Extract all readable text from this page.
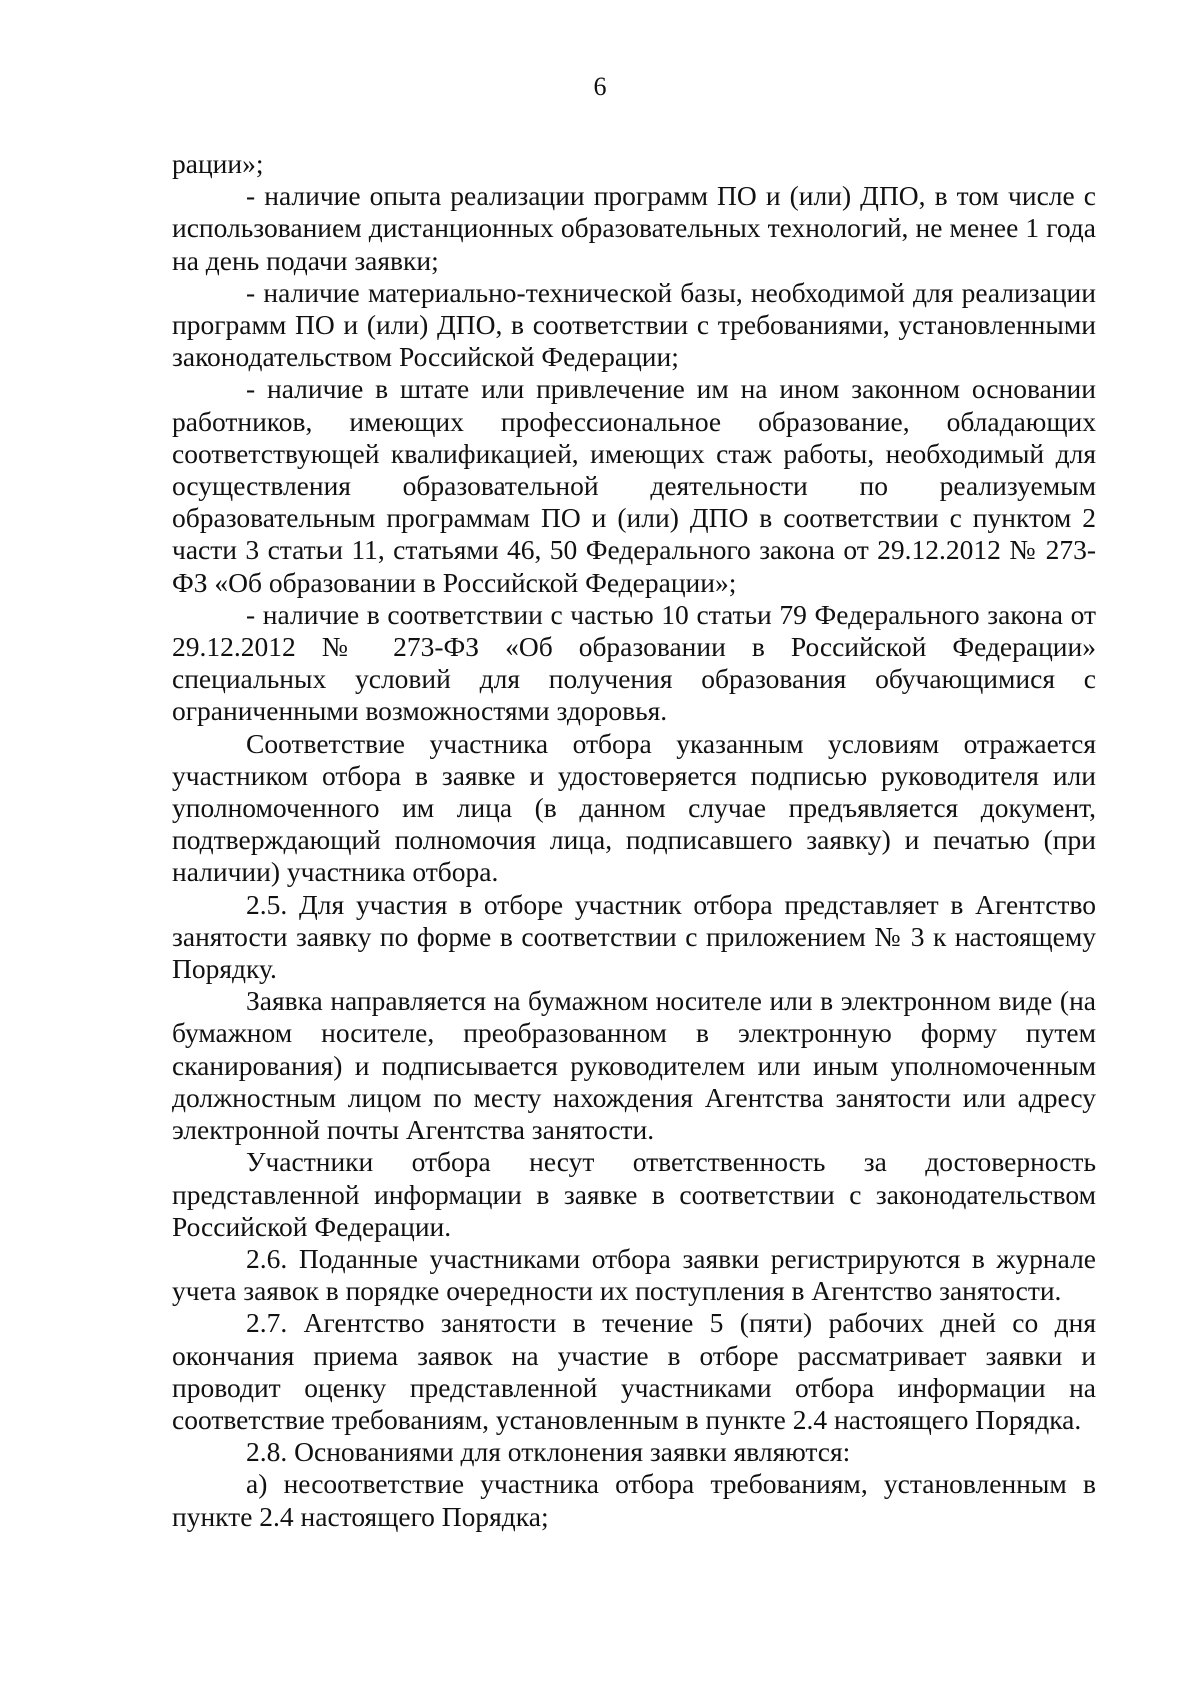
6

рации»;

- наличие опыта реализации программ ПО и (или) ДПО, в том числе с использованием дистанционных образовательных технологий, не менее 1 года на день подачи заявки;

- наличие материально-технической базы, необходимой для реализации программ ПО и (или) ДПО, в соответствии с требованиями, установленными законодательством Российской Федерации;

- наличие в штате или привлечение им на ином законном основании работников, имеющих профессиональное образование, обладающих соответствующей квалификацией, имеющих стаж работы, необходимый для осуществления образовательной деятельности по реализуемым образовательным программам ПО и (или) ДПО в соответствии с пунктом 2 части 3 статьи 11, статьями 46, 50 Федерального закона от 29.12.2012 № 273-ФЗ «Об образовании в Российской Федерации»;

- наличие в соответствии с частью 10 статьи 79 Федерального закона от 29.12.2012 № 273-ФЗ «Об образовании в Российской Федерации» специальных условий для получения образования обучающимися с ограниченными возможностями здоровья.

Соответствие участника отбора указанным условиям отражается участником отбора в заявке и удостоверяется подписью руководителя или уполномоченного им лица (в данном случае предъявляется документ, подтверждающий полномочия лица, подписавшего заявку) и печатью (при наличии) участника отбора.

2.5. Для участия в отборе участник отбора представляет в Агентство занятости заявку по форме в соответствии с приложением № 3 к настоящему Порядку.

Заявка направляется на бумажном носителе или в электронном виде (на бумажном носителе, преобразованном в электронную форму путем сканирования) и подписывается руководителем или иным уполномоченным должностным лицом по месту нахождения Агентства занятости или адресу электронной почты Агентства занятости.

Участники отбора несут ответственность за достоверность представленной информации в заявке в соответствии с законодательством Российской Федерации.

2.6. Поданные участниками отбора заявки регистрируются в журнале учета заявок в порядке очередности их поступления в Агентство занятости.

2.7. Агентство занятости в течение 5 (пяти) рабочих дней со дня окончания приема заявок на участие в отборе рассматривает заявки и проводит оценку представленной участниками отбора информации на соответствие требованиям, установленным в пункте 2.4 настоящего Порядка.

2.8. Основаниями для отклонения заявки являются:

а) несоответствие участника отбора требованиям, установленным в пункте 2.4 настоящего Порядка;
